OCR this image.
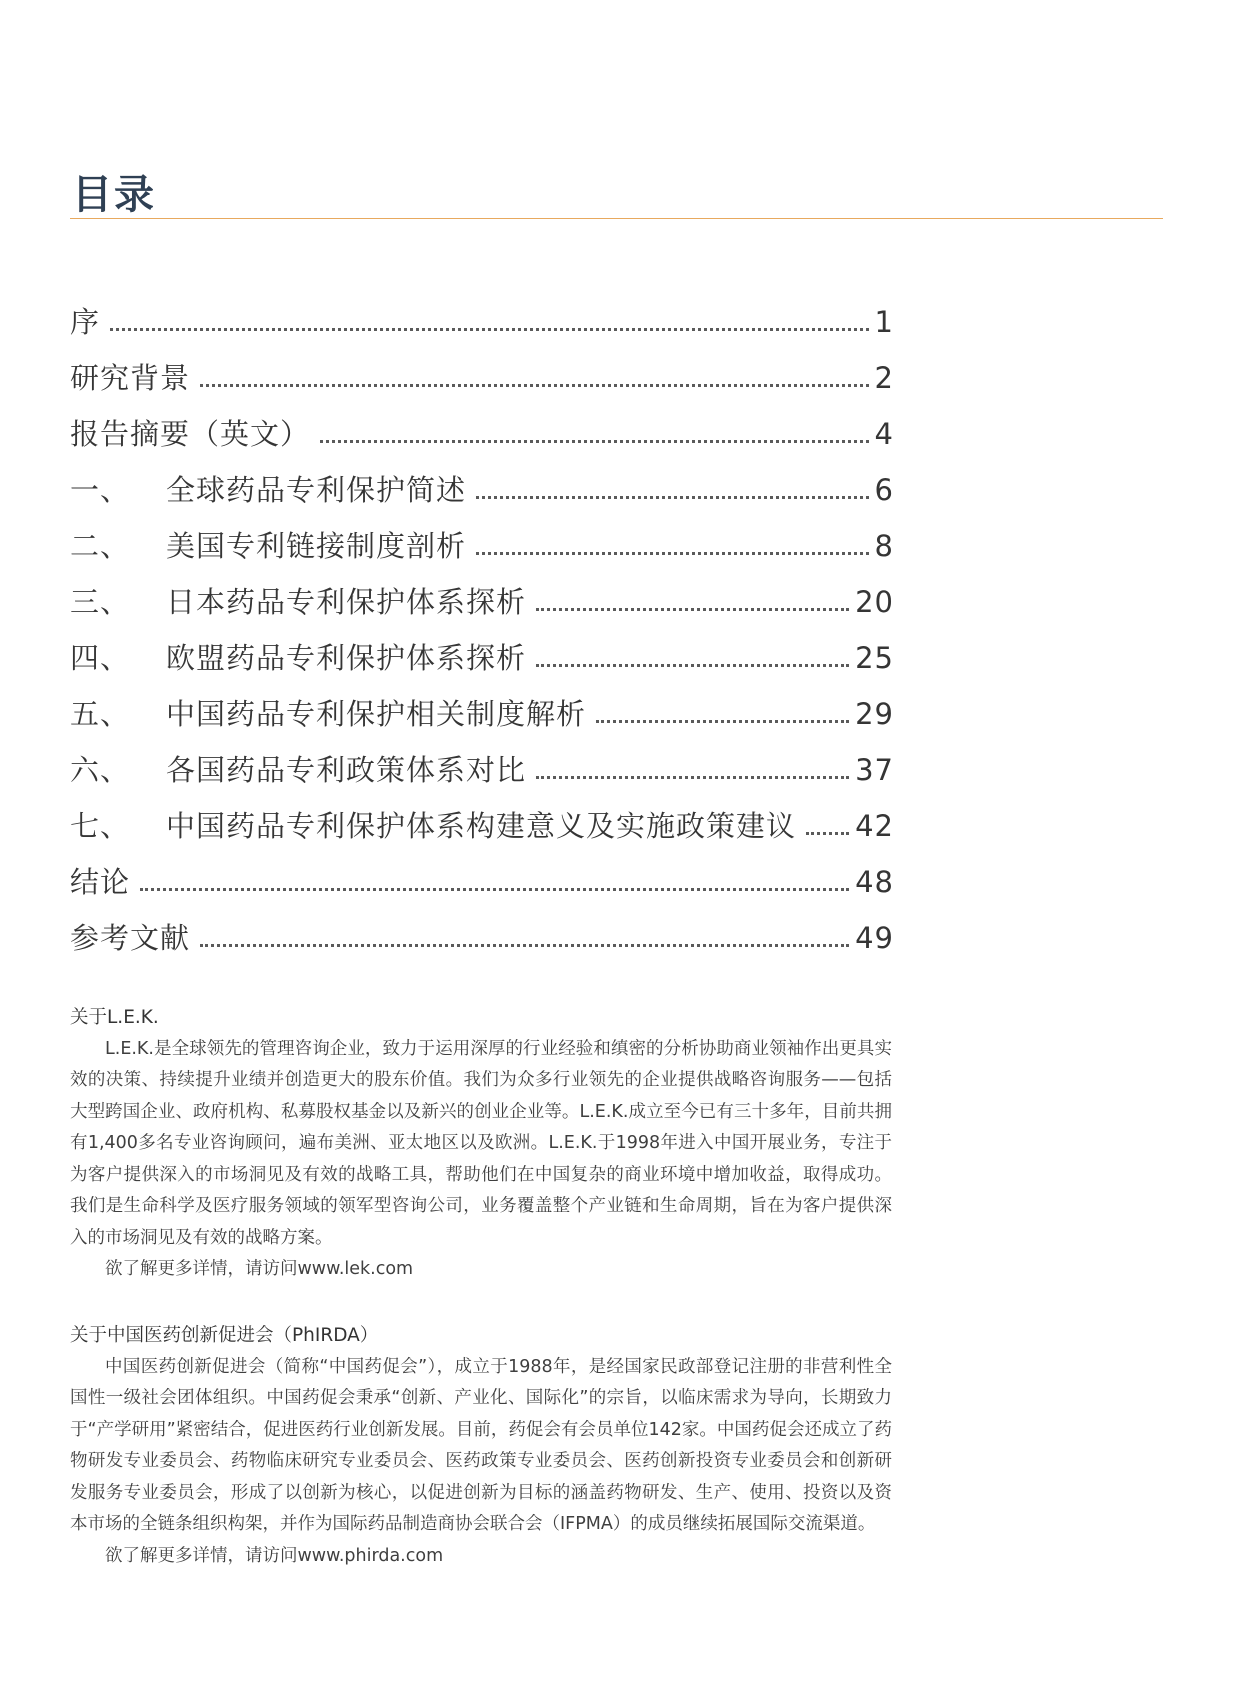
目录
序	1
研究背景	2
报告摘要（英文）	4
一、 全球药品专利保护简述	6
二、 美国专利链接制度剖析	8
三、 日本药品专利保护体系探析	20
四、 欧盟药品专利保护体系探析	25
五、 中国药品专利保护相关制度解析	29
六、 各国药品专利政策体系对比	37
七、 中国药品专利保护体系构建意义及实施政策建议 42
结论	48
参考文献	49
关于L.E.K.

L.E.K.是全球领先的管理咨询企业，致力于运用深厚的行业经验和缜密的分析协助商业领袖作出更具实效的决策、持续提升业绩并创造更大的股东价值。我们为众多行业领先的企业提供战略咨询服务——包括大型跨国企业、政府机构、私募股权基金以及新兴的创业企业等。L.E.K.成立至今已有三十多年，目前共拥有1,400多名专业咨询顾问，遍布美洲、亚太地区以及欧洲。L.E.K.于1998年进入中国开展业务，专注于为客户提供深入的市场洞见及有效的战略工具，帮助他们在中国复杂的商业环境中增加收益，取得成功。我们是生命科学及医疗服务领域的领军型咨询公司，业务覆盖整个产业链和生命周期，旨在为客户提供深入的市场洞见及有效的战略方案。

欲了解更多详情，请访问www.lek.com

关于中国医药创新促进会（PhIRDA）

中国医药创新促进会（简称“中国药促会”），成立于1988年，是经国家民政部登记注册的非营利性全国性一级社会团体组织。中国药促会秉承“创新、产业化、国际化”的宗旨，以临床需求为导向，长期致力于“产学研用”紧密结合，促进医药行业创新发展。目前，药促会有会员单位142家。中国药促会还成立了药物研发专业委员会、药物临床研究专业委员会、医药政策专业委员会、医药创新投资专业委员会和创新研发服务专业委员会，形成了以创新为核心，以促进创新为目标的涵盖药物研发、生产、使用、投资以及资本市场的全链条组织构架，并作为国际药品制造商协会联合会（IFPMA）的成员继续拓展国际交流渠道。

欲了解更多详情，请访问www.phirda.com
